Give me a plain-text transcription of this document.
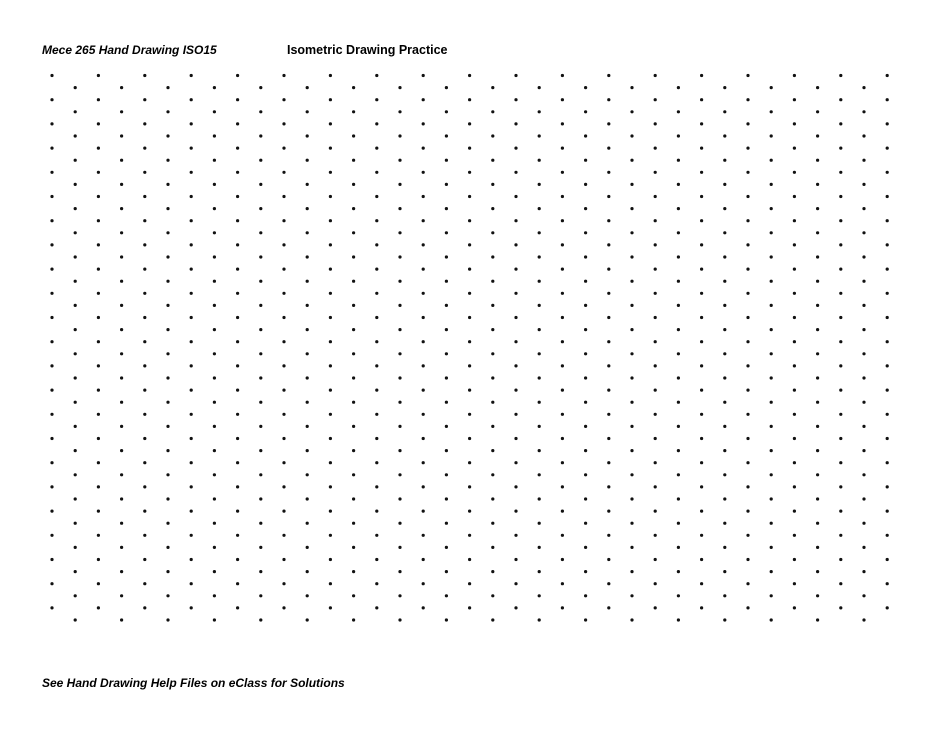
Mece 265 Hand Drawing ISO15	Isometric Drawing Practice
See Hand Drawing Help Files on eClass for Solutions
